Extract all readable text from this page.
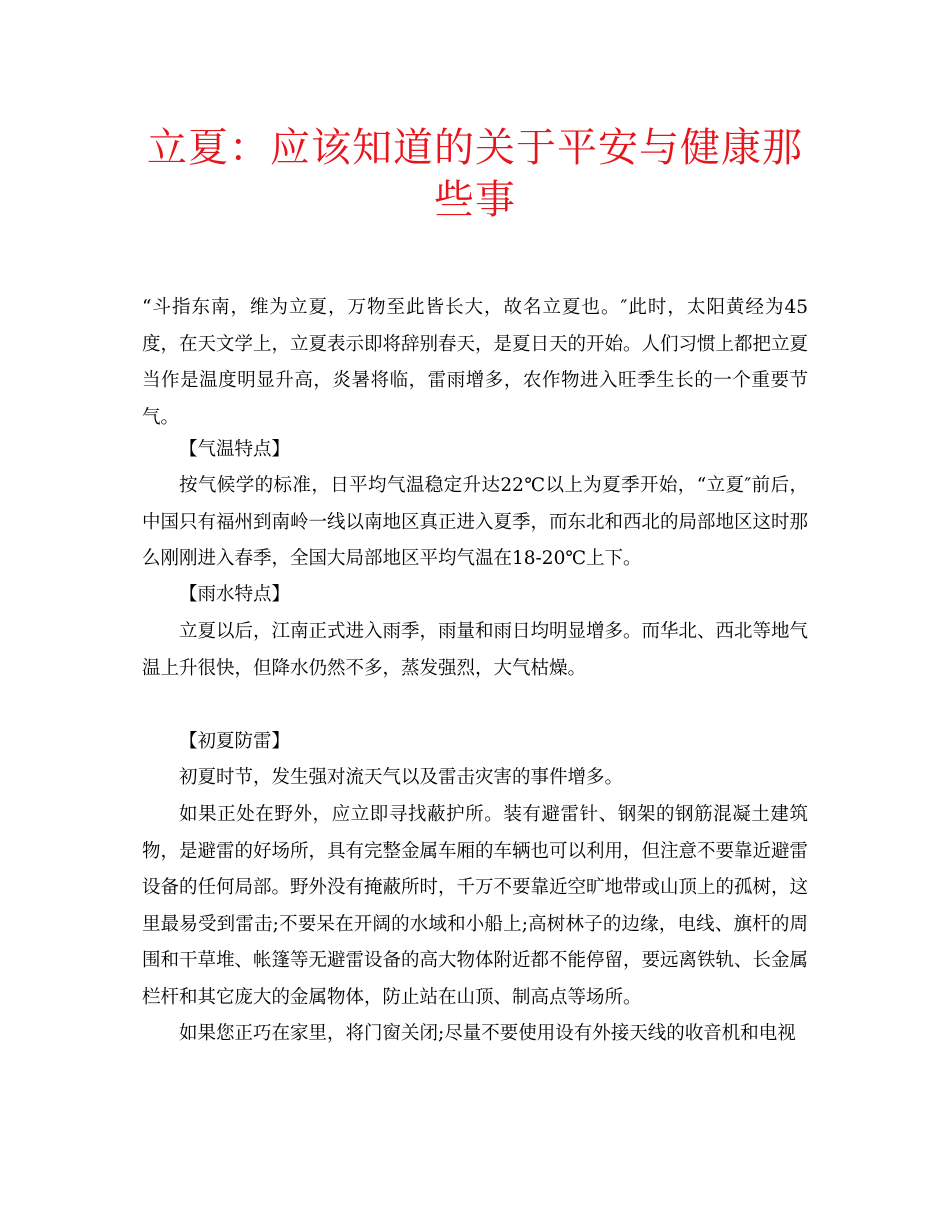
立夏：应该知道的关于平安与健康那些事

“斗指东南，维为立夏，万物至此皆长大，故名立夏也。″此时，太阳黄经为45度，在天文学上，立夏表示即将辞别春天，是夏日天的开始。人们习惯上都把立夏当作是温度明显升高，炎暑将临，雷雨增多，农作物进入旺季生长的一个重要节气。

【气温特点】

按气候学的标准，日平均气温稳定升达22℃以上为夏季开始，“立夏″前后，中国只有福州到南岭一线以南地区真正进入夏季，而东北和西北的局部地区这时那么刚刚进入春季，全国大局部地区平均气温在18-20℃上下。

【雨水特点】

立夏以后，江南正式进入雨季，雨量和雨日均明显增多。而华北、西北等地气温上升很快，但降水仍然不多，蒸发强烈，大气枯燥。

【初夏防雷】

初夏时节，发生强对流天气以及雷击灾害的事件增多。

如果正处在野外，应立即寻找蔽护所。装有避雷针、钢架的钢筋混凝土建筑物，是避雷的好场所，具有完整金属车厢的车辆也可以利用，但注意不要靠近避雷设备的任何局部。野外没有掩蔽所时，千万不要靠近空旷地带或山顶上的孤树，这里最易受到雷击;不要呆在开阔的水域和小船上;高树林子的边缘，电线、旗杆的周围和干草堆、帐篷等无避雷设备的高大物体附近都不能停留，要远离铁轨、长金属栏杆和其它庞大的金属物体，防止站在山顶、制高点等场所。

如果您正巧在家里，将门窗关闭;尽量不要使用设有外接天线的收音机和电视
